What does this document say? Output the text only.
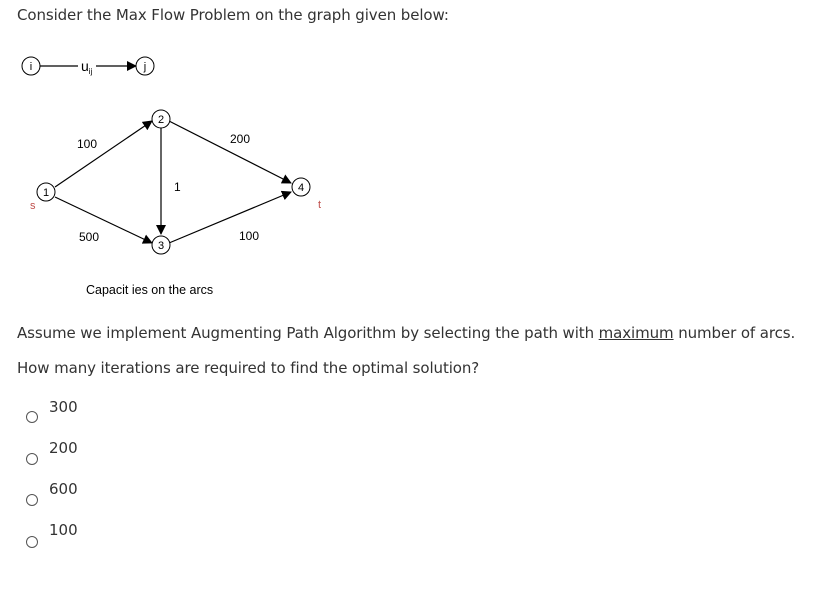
Consider the Max Flow Problem on the graph given below:
i	j
$u_{ij}$
1
2
3
4
s	t
100
500
1
200
100
Capacit ies on the arcs
Assume we implement Augmenting Path Algorithm by selecting the path with maximum number of arcs.
How many iterations are required to find the optimal solution?
300
200
600
100
